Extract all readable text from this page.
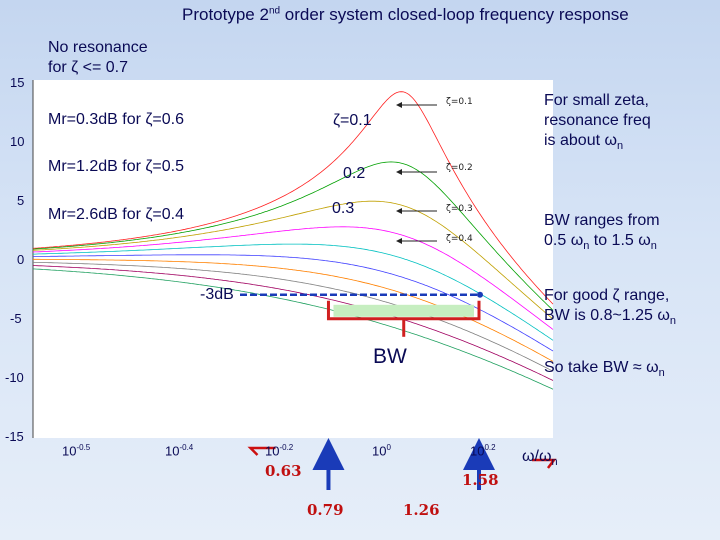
Prototype 2nd order system closed-loop frequency response
15
10
5
0
-5
-10
-15
$10^{-0.5}$	$10^{-0.4}$	$10^{-0.2}$	$10^0$	$10^{0.2}$
ζ=0.1
ζ=0.2
ζ=0.3
ζ=0.4
No resonance
for ζ <= 0.7
Mr=0.3dB for ζ=0.6
Mr=1.2dB for ζ=0.5
Mr=2.6dB for ζ=0.4
ζ=0.1
0.2
0.3
-3dB
BW
For small zeta,
resonance freq
is about $\omega_n$
BW ranges from
0.5 $\omega_n$ to 1.5 $\omega_n$
For good ζ range,
BW is 0.8~1.25 $\omega_n$
So take BW ≈ $\omega_n$
$\omega/\omega_n$
0.63	1.58
0.79	1.26
